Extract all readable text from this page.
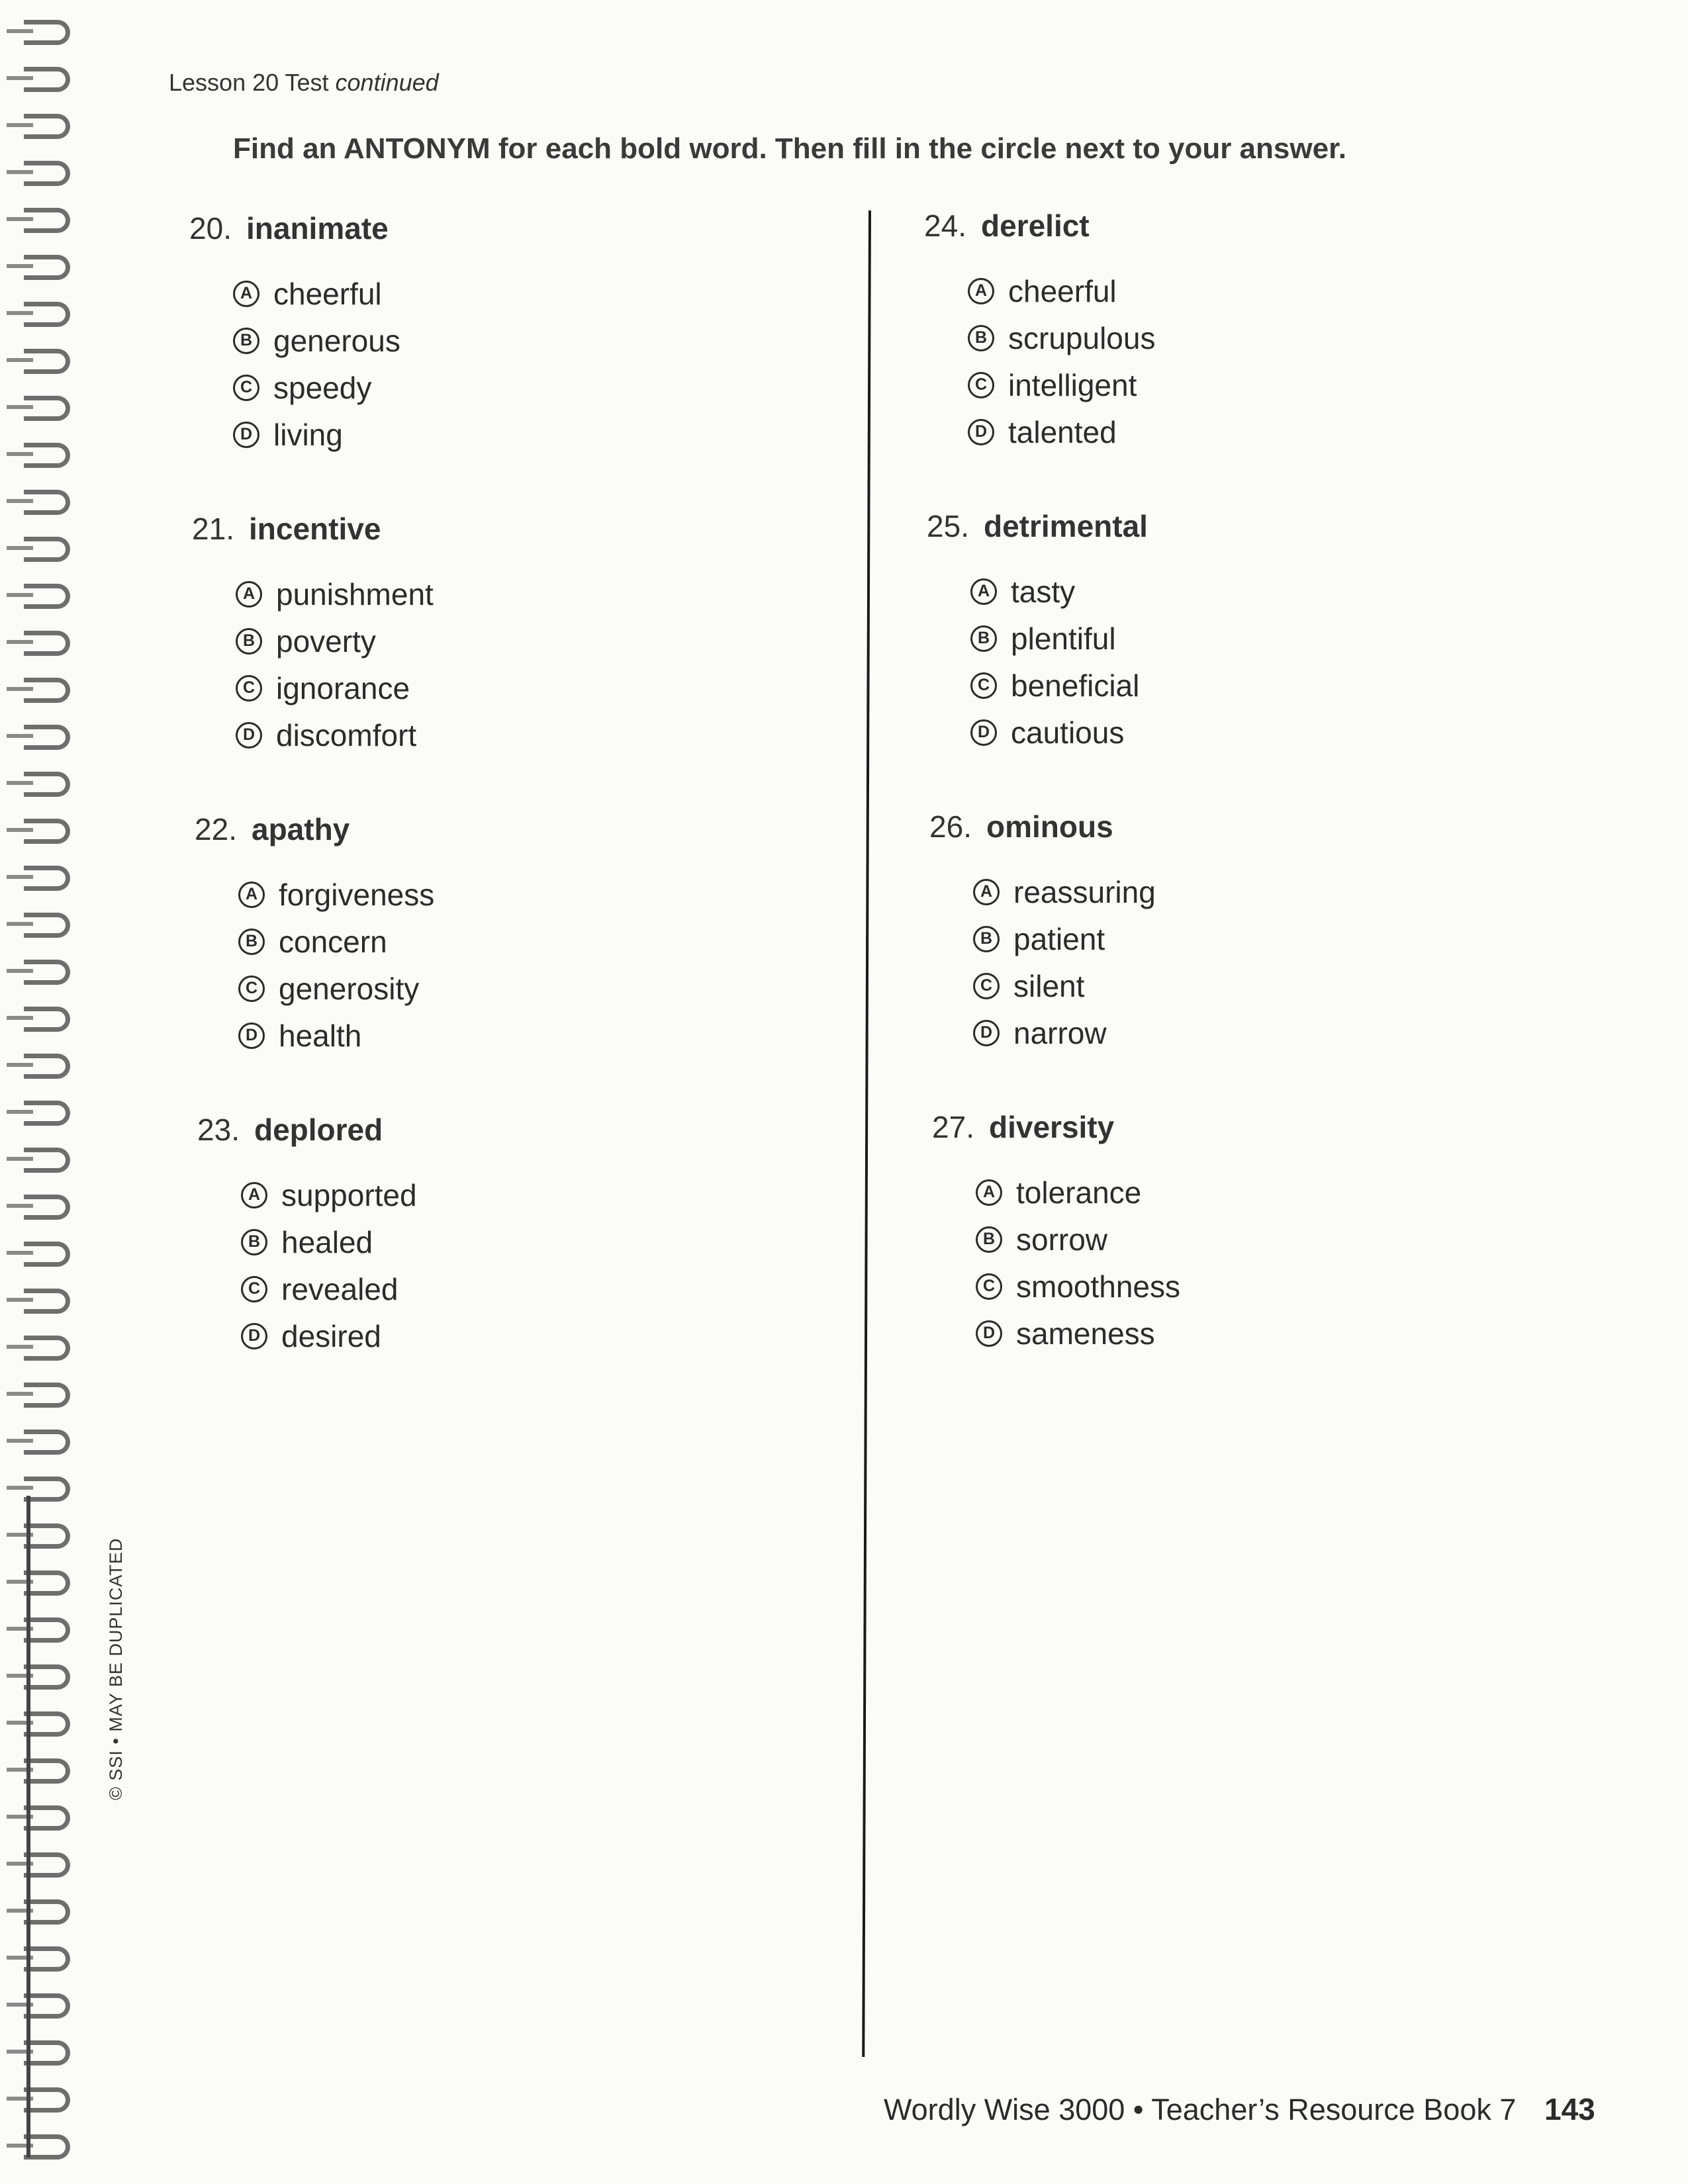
© SSI • MAY BE DUPLICATED
Lesson 20 Test continued
Find an ANTONYM for each bold word. Then fill in the circle next to your answer.
20. inanimate
A cheerful
B generous
C speedy
D living
21. incentive
A punishment
B poverty
C ignorance
D discomfort
22. apathy
A forgiveness
B concern
C generosity
D health
23. deplored
A supported
B healed
C revealed
D desired
24. derelict
A cheerful
B scrupulous
C intelligent
D talented
25. detrimental
A tasty
B plentiful
C beneficial
D cautious
26. ominous
A reassuring
B patient
C silent
D narrow
27. diversity
A tolerance
B sorrow
C smoothness
D sameness
Wordly Wise 3000 • Teacher’s Resource Book 7 143
